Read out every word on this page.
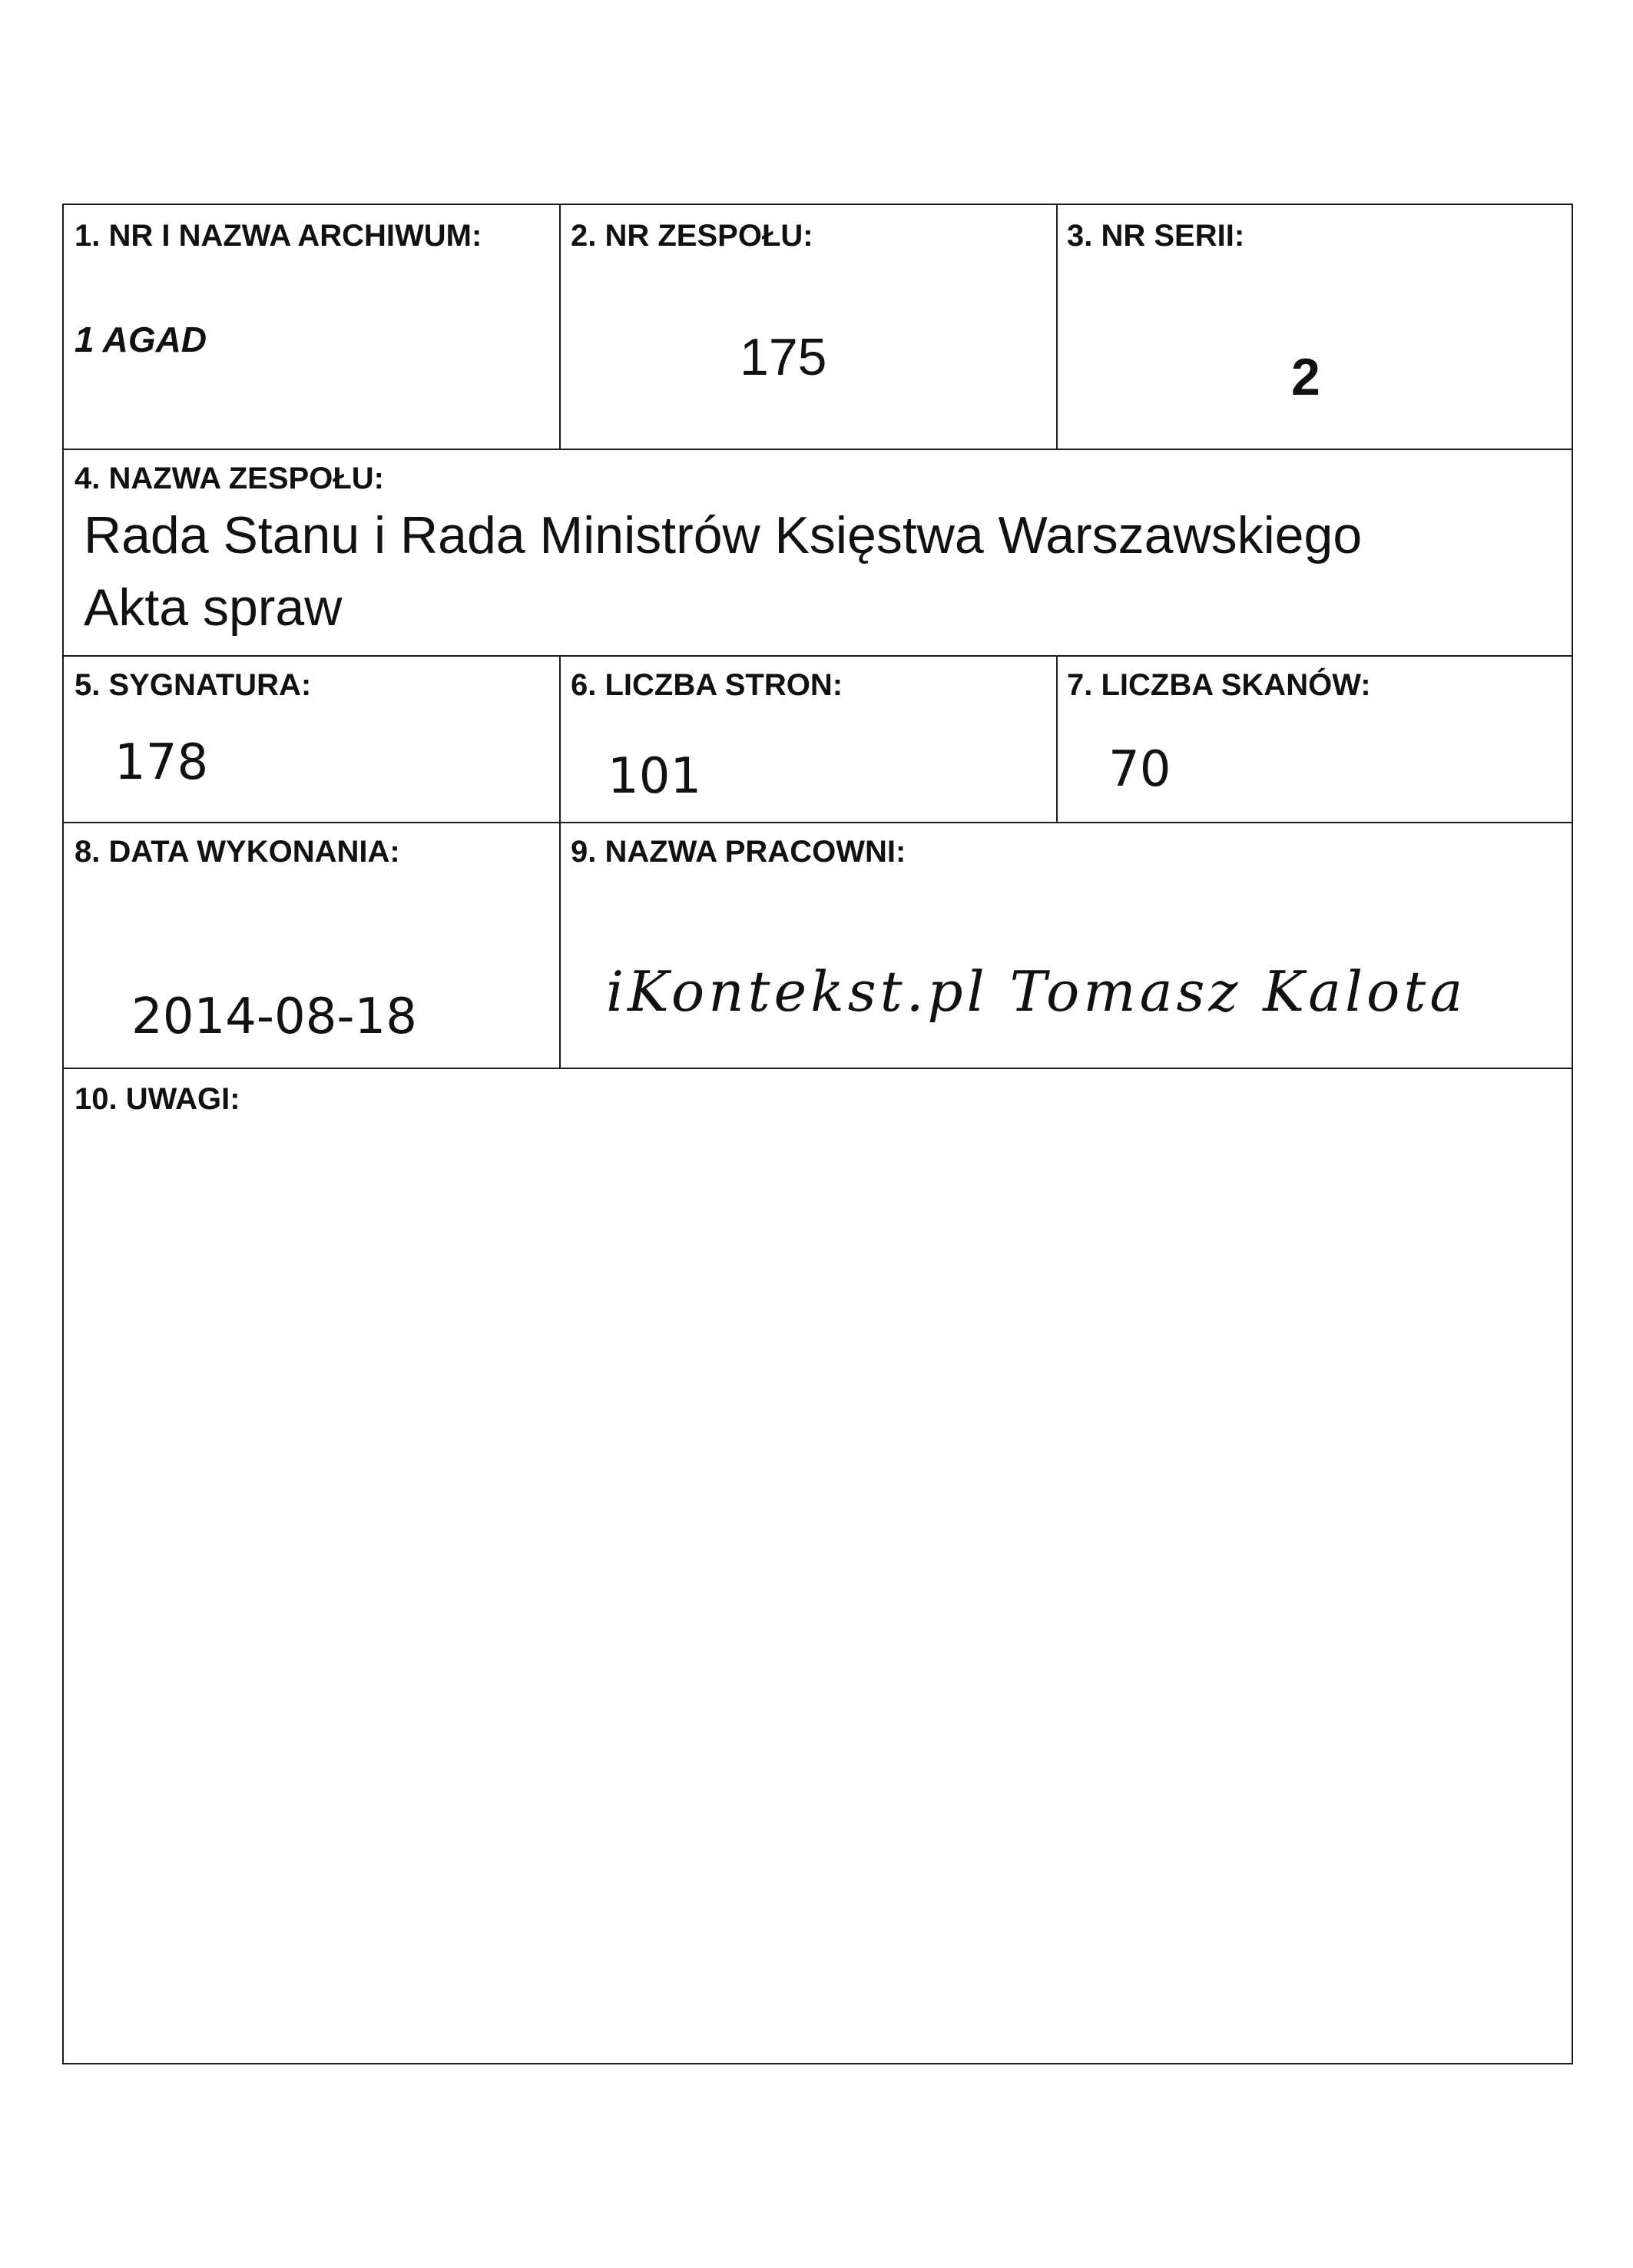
1. NR I NAZWA ARCHIWUM:
1 AGAD
2. NR ZESPOŁU:
175
3. NR SERII:
2
4. NAZWA ZESPOŁU:
Rada Stanu i Rada Ministrów Księstwa Warszawskiego
Akta spraw
5. SYGNATURA:
178
6. LICZBA STRON:
101
7. LICZBA SKANÓW:
70
8. DATA WYKONANIA:
2014-08-18
9. NAZWA PRACOWNI:
iKontekst.pl Tomasz Kalota
10. UWAGI:
